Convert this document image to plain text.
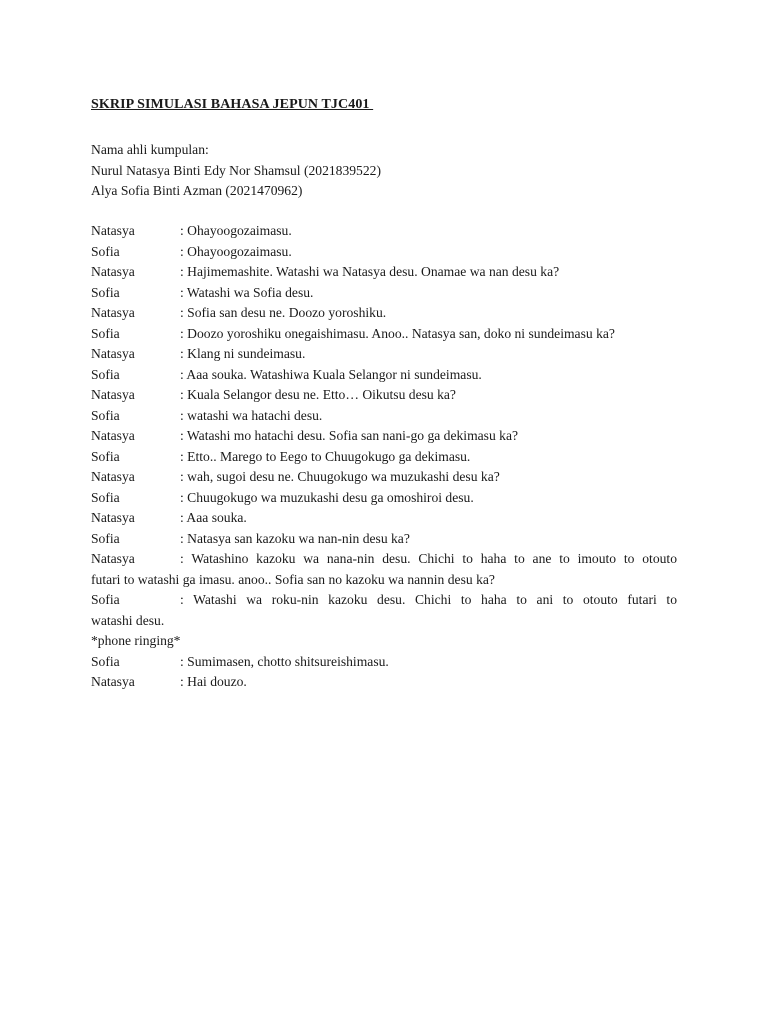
SKRIP SIMULASI BAHASA JEPUN TJC401
Nama ahli kumpulan:
Nurul Natasya Binti Edy Nor Shamsul (2021839522)
Alya Sofia Binti Azman (2021470962)
Natasya	: Ohayoogozaimasu.
Sofia	: Ohayoogozaimasu.
Natasya	: Hajimemashite. Watashi wa Natasya desu. Onamae wa nan desu ka?
Sofia	: Watashi wa Sofia desu.
Natasya	: Sofia san desu ne. Doozo yoroshiku.
Sofia	: Doozo yoroshiku onegaishimasu. Anoo.. Natasya san, doko ni sundeimasu ka?
Natasya	: Klang ni sundeimasu.
Sofia	: Aaa souka. Watashiwa Kuala Selangor ni sundeimasu.
Natasya	: Kuala Selangor desu ne. Etto… Oikutsu desu ka?
Sofia	: watashi wa hatachi desu.
Natasya	: Watashi mo hatachi desu. Sofia san nani-go ga dekimasu ka?
Sofia	: Etto.. Marego to Eego to Chuugokugo ga dekimasu.
Natasya	: wah, sugoi desu ne. Chuugokugo wa muzukashi desu ka?
Sofia	: Chuugokugo wa muzukashi desu ga omoshiroi desu.
Natasya	: Aaa souka.
Sofia	: Natasya san kazoku wa nan-nin desu ka?
Natasya	: Watashino kazoku wa nana-nin desu. Chichi to haha to ane to imouto to otouto
futari to watashi ga imasu. anoo.. Sofia san no kazoku wa nannin desu ka?
Sofia	: Watashi wa roku-nin kazoku desu. Chichi to haha to ani to otouto futari to
watashi desu.
*phone ringing*
Sofia	: Sumimasen, chotto shitsureishimasu.
Natasya	: Hai douzo.
